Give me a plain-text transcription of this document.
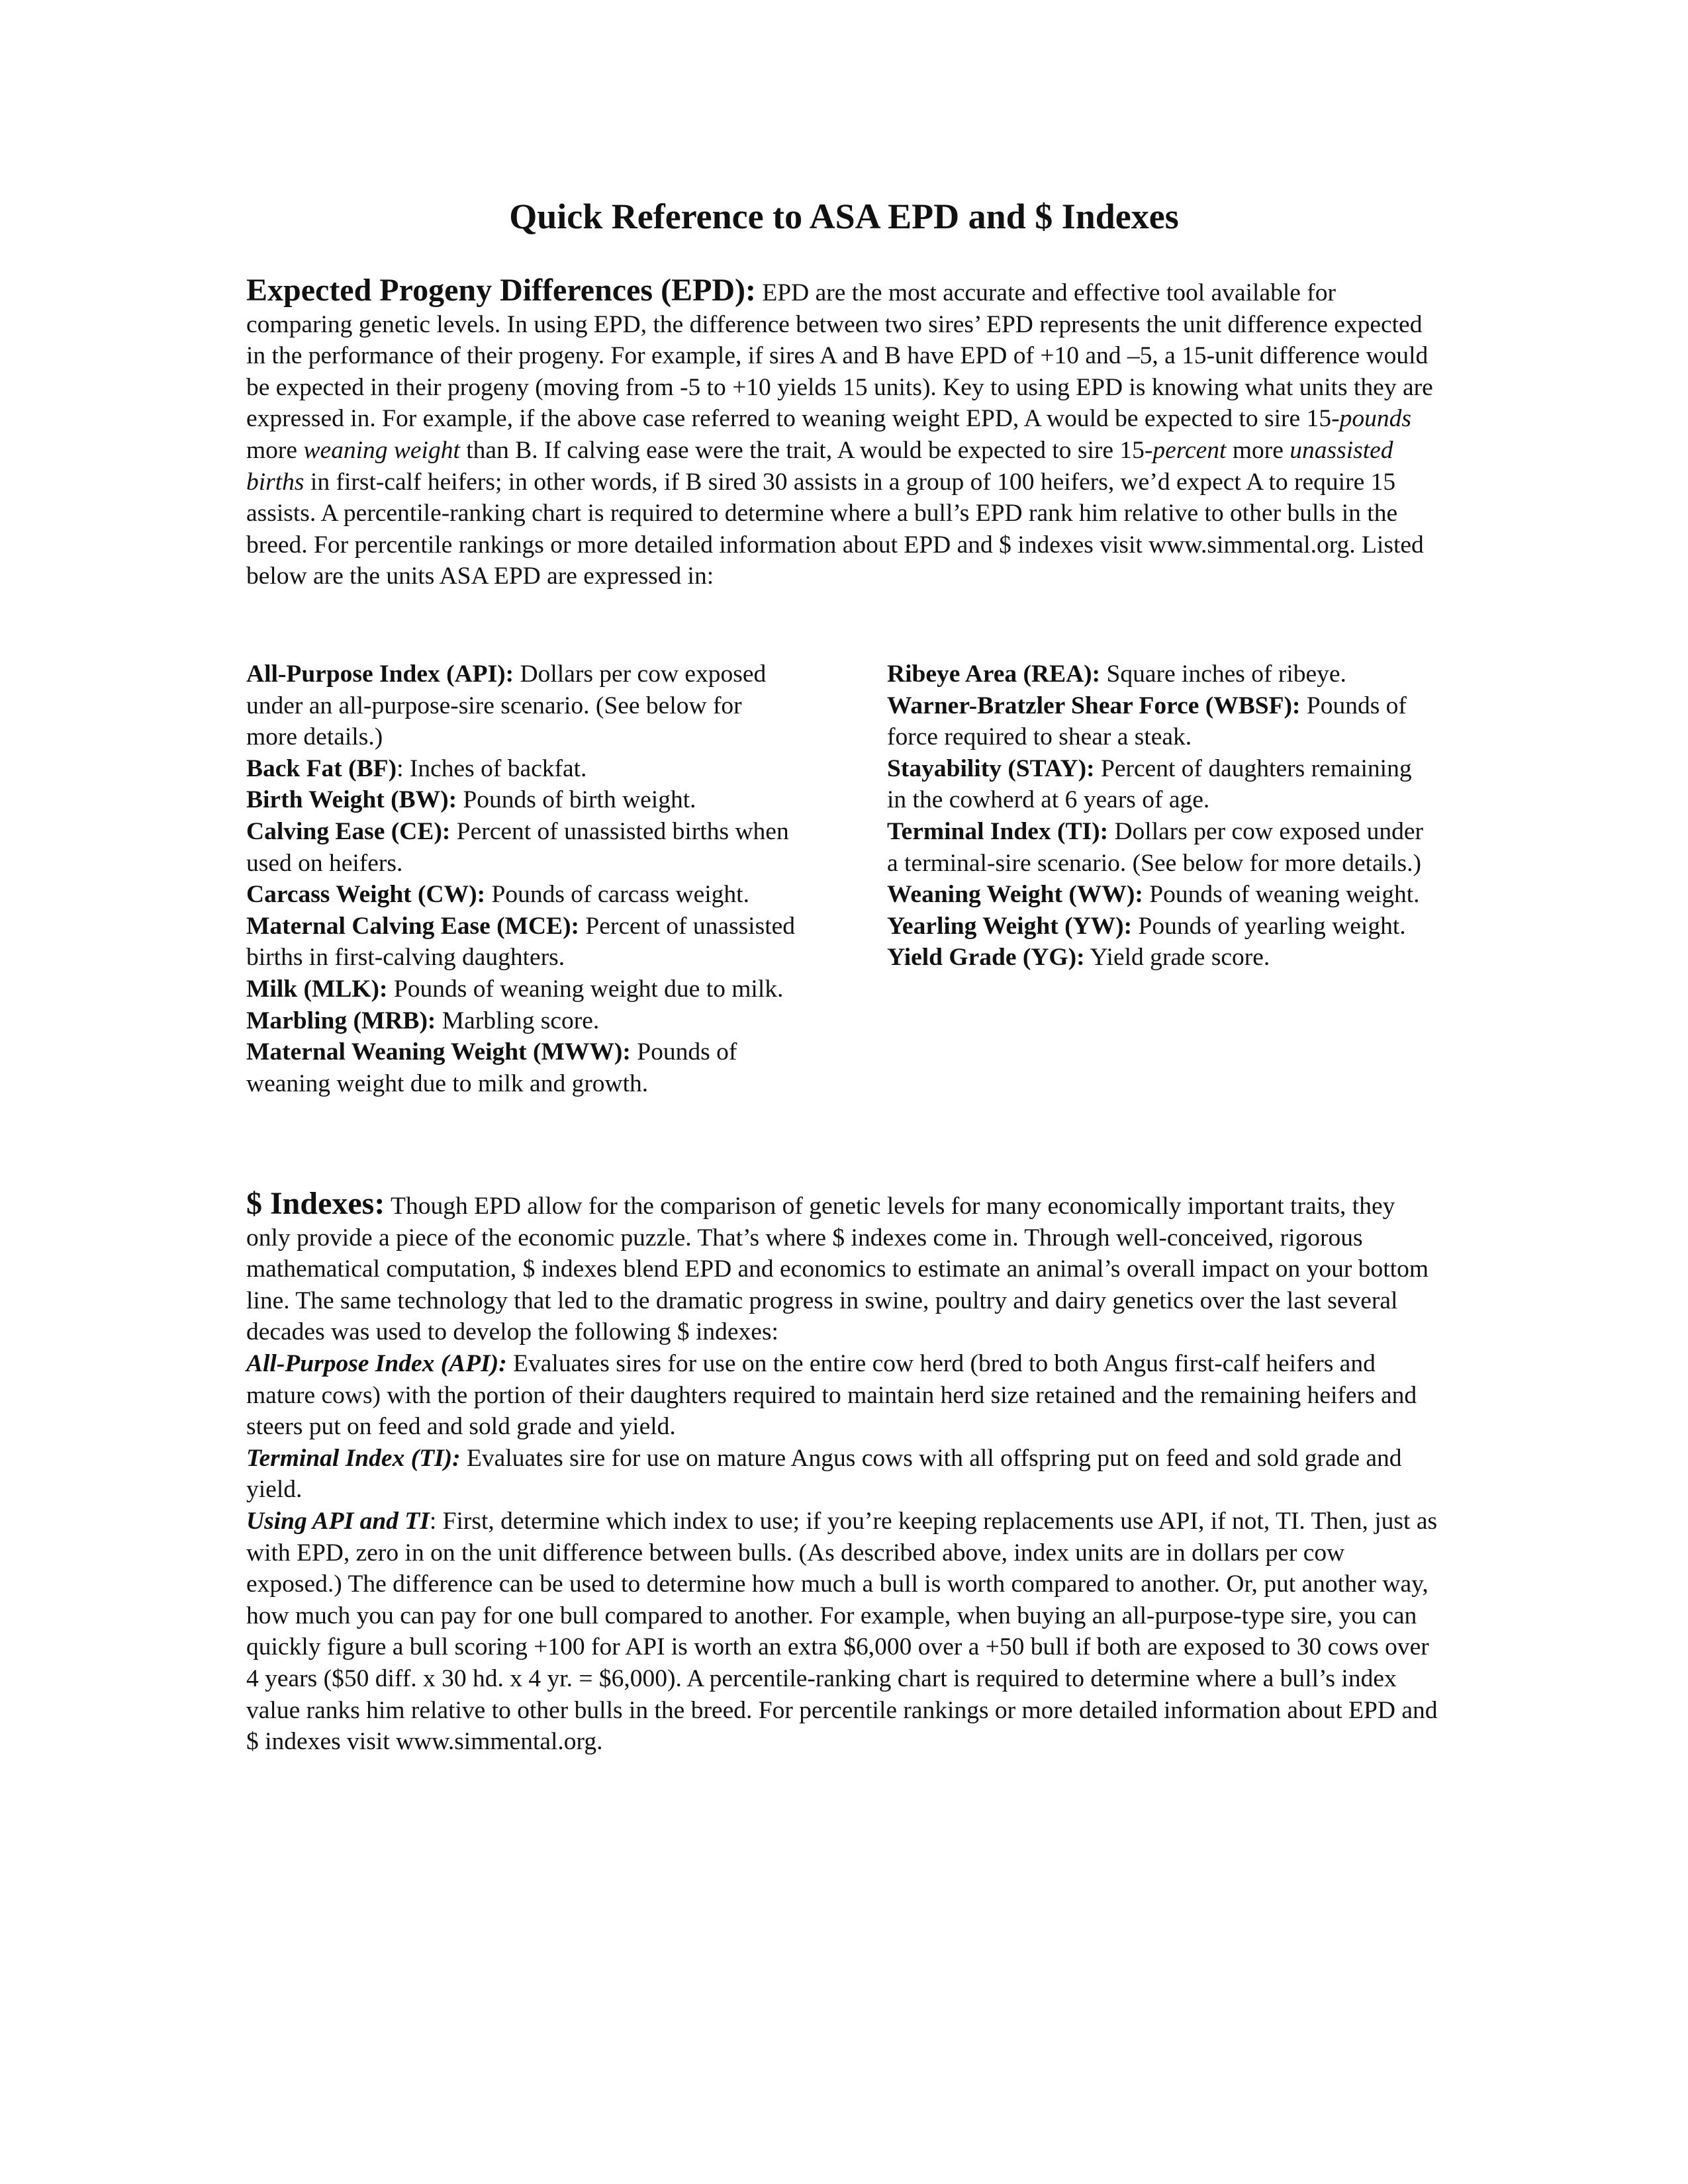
Quick Reference to ASA EPD and $ Indexes

Expected Progeny Differences (EPD): EPD are the most accurate and effective tool available for comparing genetic levels. In using EPD, the difference between two sires’ EPD represents the unit difference expected in the performance of their progeny. For example, if sires A and B have EPD of +10 and –5, a 15-unit difference would be expected in their progeny (moving from -5 to +10 yields 15 units). Key to using EPD is knowing what units they are expressed in. For example, if the above case referred to weaning weight EPD, A would be expected to sire 15-pounds more weaning weight than B. If calving ease were the trait, A would be expected to sire 15-percent more unassisted births in first-calf heifers; in other words, if B sired 30 assists in a group of 100 heifers, we’d expect A to require 15 assists. A percentile-ranking chart is required to determine where a bull’s EPD rank him relative to other bulls in the breed. For percentile rankings or more detailed information about EPD and $ indexes visit www.simmental.org. Listed below are the units ASA EPD are expressed in:

All-Purpose Index (API): Dollars per cow exposed under an all-purpose-sire scenario. (See below for more details.)

Back Fat (BF): Inches of backfat.

Birth Weight (BW): Pounds of birth weight.

Calving Ease (CE): Percent of unassisted births when used on heifers.

Carcass Weight (CW): Pounds of carcass weight.

Maternal Calving Ease (MCE): Percent of unassisted births in first-calving daughters.

Milk (MLK): Pounds of weaning weight due to milk.

Marbling (MRB): Marbling score.

Maternal Weaning Weight (MWW): Pounds of weaning weight due to milk and growth.

Ribeye Area (REA): Square inches of ribeye.

Warner-Bratzler Shear Force (WBSF): Pounds of force required to shear a steak.

Stayability (STAY): Percent of daughters remaining in the cowherd at 6 years of age.

Terminal Index (TI): Dollars per cow exposed under a terminal-sire scenario. (See below for more details.)

Weaning Weight (WW): Pounds of weaning weight.

Yearling Weight (YW): Pounds of yearling weight.

Yield Grade (YG): Yield grade score.

$ Indexes: Though EPD allow for the comparison of genetic levels for many economically important traits, they only provide a piece of the economic puzzle. That’s where $ indexes come in. Through well-conceived, rigorous mathematical computation, $ indexes blend EPD and economics to estimate an animal’s overall impact on your bottom line. The same technology that led to the dramatic progress in swine, poultry and dairy genetics over the last several decades was used to develop the following $ indexes:

All-Purpose Index (API): Evaluates sires for use on the entire cow herd (bred to both Angus first-calf heifers and mature cows) with the portion of their daughters required to maintain herd size retained and the remaining heifers and steers put on feed and sold grade and yield.

Terminal Index (TI): Evaluates sire for use on mature Angus cows with all offspring put on feed and sold grade and yield.

Using API and TI: First, determine which index to use; if you’re keeping replacements use API, if not, TI. Then, just as with EPD, zero in on the unit difference between bulls. (As described above, index units are in dollars per cow exposed.) The difference can be used to determine how much a bull is worth compared to another. Or, put another way, how much you can pay for one bull compared to another. For example, when buying an all-purpose-type sire, you can quickly figure a bull scoring +100 for API is worth an extra $6,000 over a +50 bull if both are exposed to 30 cows over 4 years ($50 diff. x 30 hd. x 4 yr. = $6,000). A percentile-ranking chart is required to determine where a bull’s index value ranks him relative to other bulls in the breed. For percentile rankings or more detailed information about EPD and $ indexes visit www.simmental.org.
